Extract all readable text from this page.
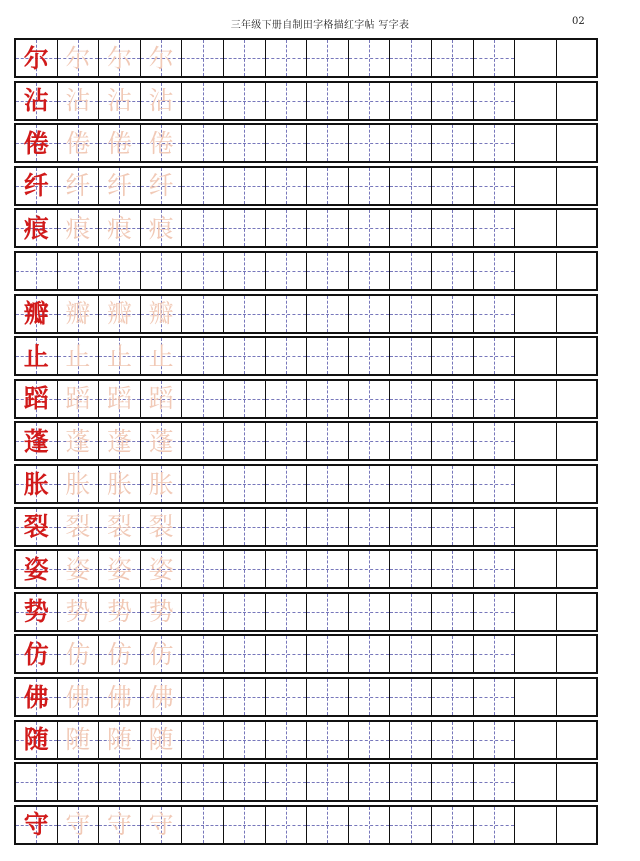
三年级下册自制田字格描红字帖 写字表	02
尔 尔 尔 尔
沾 沾 沾 沾
倦 倦 倦 倦
纤 纤 纤 纤
痕 痕 痕 痕
瓣 瓣 瓣 瓣
止 止 止 止
蹈 蹈 蹈 蹈
蓬 蓬 蓬 蓬
胀 胀 胀 胀
裂 裂 裂 裂
姿 姿 姿 姿
势 势 势 势
仿 仿 仿 仿
佛 佛 佛 佛
随 随 随 随
守 守 守 守
